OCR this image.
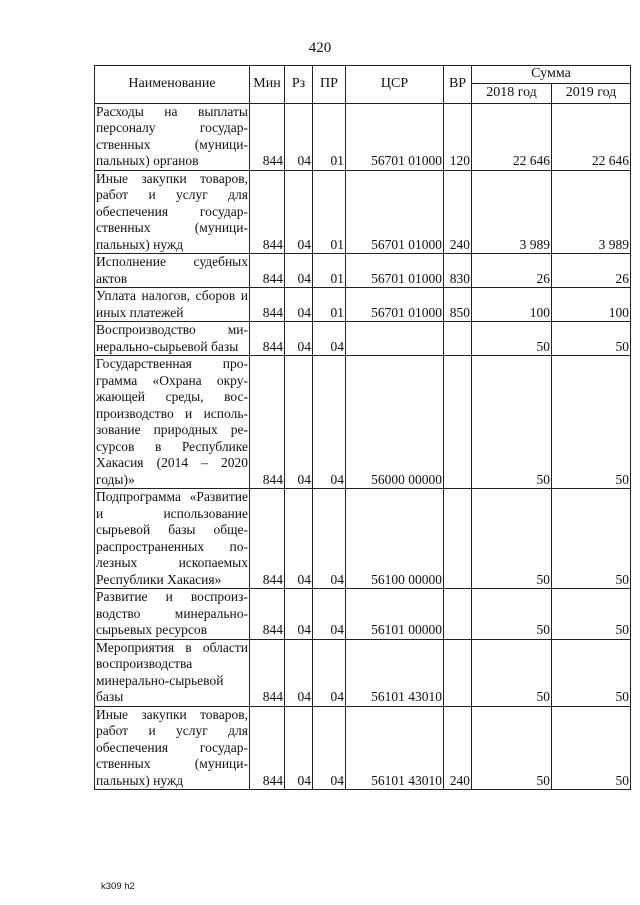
420
Наименование	Мин	Рз	ПР	ЦСР	ВР	Сумма	
						2018 год	2019 год
Расходы на выплаты персоналу государственных (муниципальных) органов	844	04	01	56701 01000	120	22 646	22 646
Иные закупки товаров, работ и услуг для обеспечения государственных (муниципальных) нужд	844	04	01	56701 01000	240	3 989	3 989
Исполнение судебных актов	844	04	01	56701 01000	830	26	26
Уплата налогов, сборов и иных платежей	844	04	01	56701 01000	850	100	100
Воспроизводство минерально-сырьевой базы	844	04	04			50	50
Государственная программа «Охрана окружающей среды, воспроизводство и использование природных ресурсов в Республике Хакасия (2014 – 2020 годы)»	844	04	04	56000 00000		50	50
Подпрограмма «Развитие и использование сырьевой базы общераспространенных полезных ископаемых Республики Хакасия»	844	04	04	56100 00000		50	50
Развитие и воспроизводство минерально-сырьевых ресурсов	844	04	04	56101 00000		50	50
Мероприятия в области воспроизводства минерально-сырьевой базы	844	04	04	56101 43010		50	50
Иные закупки товаров, работ и услуг для обеспечения государственных (муниципальных) нужд	844	04	04	56101 43010	240	50	50
k309 h2
